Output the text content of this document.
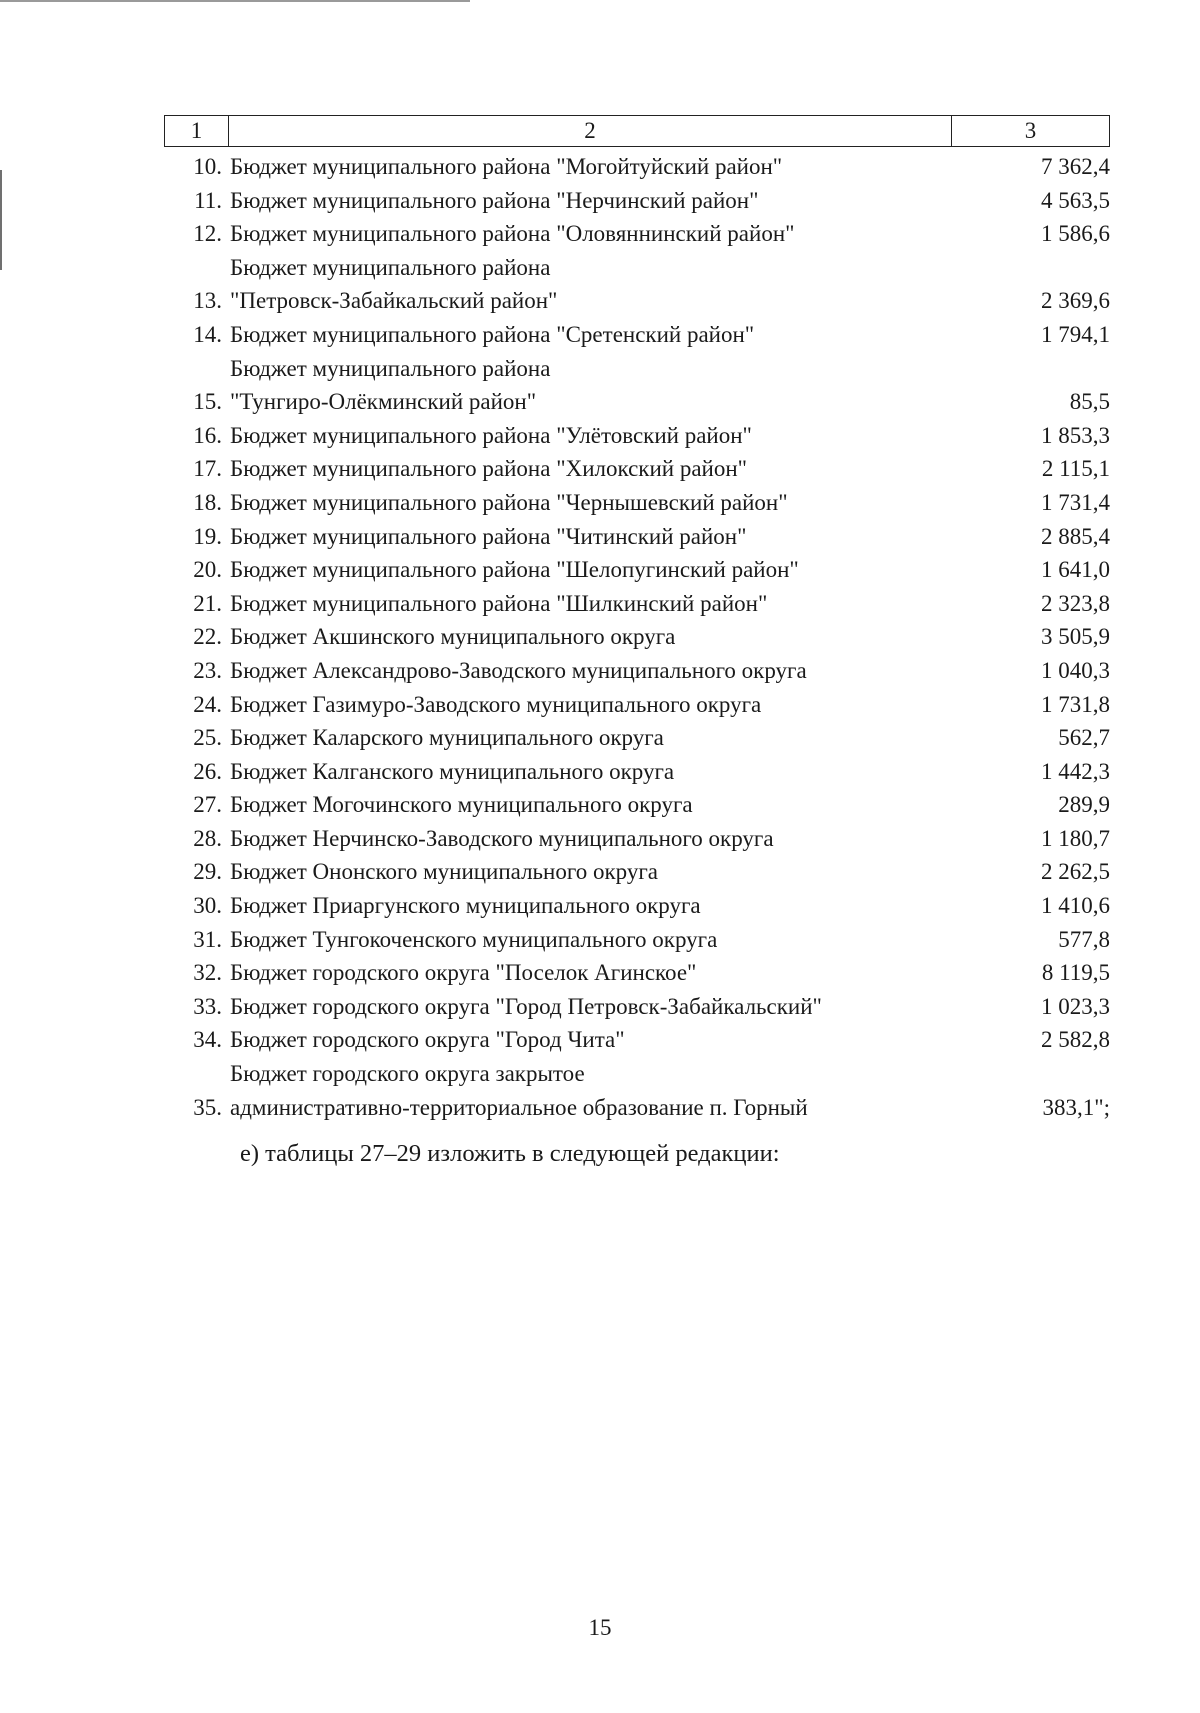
1	2	3
10. Бюджет муниципального района "Могойтуйский район"	7 362,4
11. Бюджет муниципального района "Нерчинский район"	4 563,5
12. Бюджет муниципального района "Оловяннинский район"	1 586,6
13.
Бюджет муниципального района
"Петровск-Забайкальский район"	2 369,6
14. Бюджет муниципального района "Сретенский район"	1 794,1
15.
Бюджет муниципального района
"Тунгиро-Олёкминский район"	85,5
16. Бюджет муниципального района "Улётовский район"	1 853,3
17. Бюджет муниципального района "Хилокский район"	2 115,1
18. Бюджет муниципального района "Чернышевский район"	1 731,4
19. Бюджет муниципального района "Читинский район"	2 885,4
20. Бюджет муниципального района "Шелопугинский район"	1 641,0
21. Бюджет муниципального района "Шилкинский район"	2 323,8
22. Бюджет Акшинского муниципального округа	3 505,9
23. Бюджет Александрово-Заводского муниципального округа	1 040,3
24. Бюджет Газимуро-Заводского муниципального округа	1 731,8
25. Бюджет Каларского муниципального округа	562,7
26. Бюджет Калганского муниципального округа	1 442,3
27. Бюджет Могочинского муниципального округа	289,9
28. Бюджет Нерчинско-Заводского муниципального округа	1 180,7
29. Бюджет Ононского муниципального округа	2 262,5
30. Бюджет Приаргунского муниципального округа	1 410,6
31. Бюджет Тунгокоченского муниципального округа	577,8
32. Бюджет городского округа "Поселок Агинское"	8 119,5
33. Бюджет городского округа "Город Петровск-Забайкальский"	1 023,3
34. Бюджет городского округа "Город Чита"	2 582,8
35.
Бюджет городского округа закрытое
административно-территориальное образование п. Горный	383,1";
е) таблицы 27–29 изложить в следующей редакции:
15
